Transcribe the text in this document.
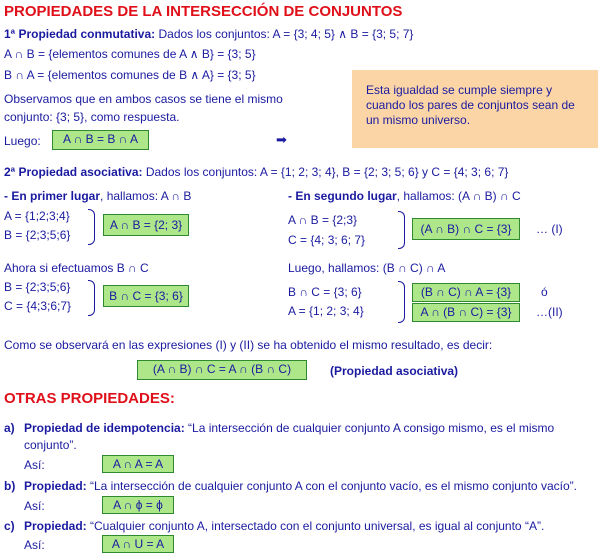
PROPIEDADES DE LA INTERSECCIÓN DE CONJUNTOS
1ª Propiedad conmutativa: Dados los conjuntos: A = {3; 4; 5} ∧ B = {3; 5; 7}
A ∩ B = {elementos comunes de A ∧ B} = {3; 5}
B ∩ A = {elementos comunes de B ∧ A} = {3; 5}
Observamos que en ambos casos se tiene el mismo
conjunto: {3; 5}, como respuesta.
Luego:	A ∩ B = B ∩ A	➡
Esta igualdad se cumple siempre y cuando los pares de conjuntos sean de un mismo universo.
2ª Propiedad asociativa: Dados los conjuntos: A = {1; 2; 3; 4}, B = {2; 3; 5; 6} y C = {4; 3; 6; 7}
- En primer lugar, hallamos: A ∩ B
A = {1;2;3;4}
B = {2;3;5;6}
A ∩ B = {2; 3}
- En segundo lugar, hallamos: (A ∩ B) ∩ C
A ∩ B = {2;3}
C = {4; 3; 6; 7}
(A ∩ B) ∩ C = {3}	… (I)
Ahora si efectuamos B ∩ C
B = {2;3;5;6}
C = {4;3;6;7}
B ∩ C = {3; 6}
Luego, hallamos: (B ∩ C) ∩ A
B ∩ C = {3; 6}
A = {1; 2; 3; 4}
(B ∩ C) ∩ A = {3}
A ∩ (B ∩ C) = {3}
ó
…(II)
Como se observará en las expresiones (I) y (II) se ha obtenido el mismo resultado, es decir:
(A ∩ B) ∩ C = A ∩ (B ∩ C)	(Propiedad asociativa)
OTRAS PROPIEDADES:
a) Propiedad de idempotencia: “La intersección de cualquier conjunto A consigo mismo, es el mismo
conjunto”.
Así:	A ∩ A = A
b) Propiedad: “La intersección de cualquier conjunto A con el conjunto vacío, es el mismo conjunto vacío”.
Así:	A ∩ ϕ = ϕ
c) Propiedad: “Cualquier conjunto A, intersectado con el conjunto universal, es igual al conjunto “A”.
Así:	A ∩ U = A
